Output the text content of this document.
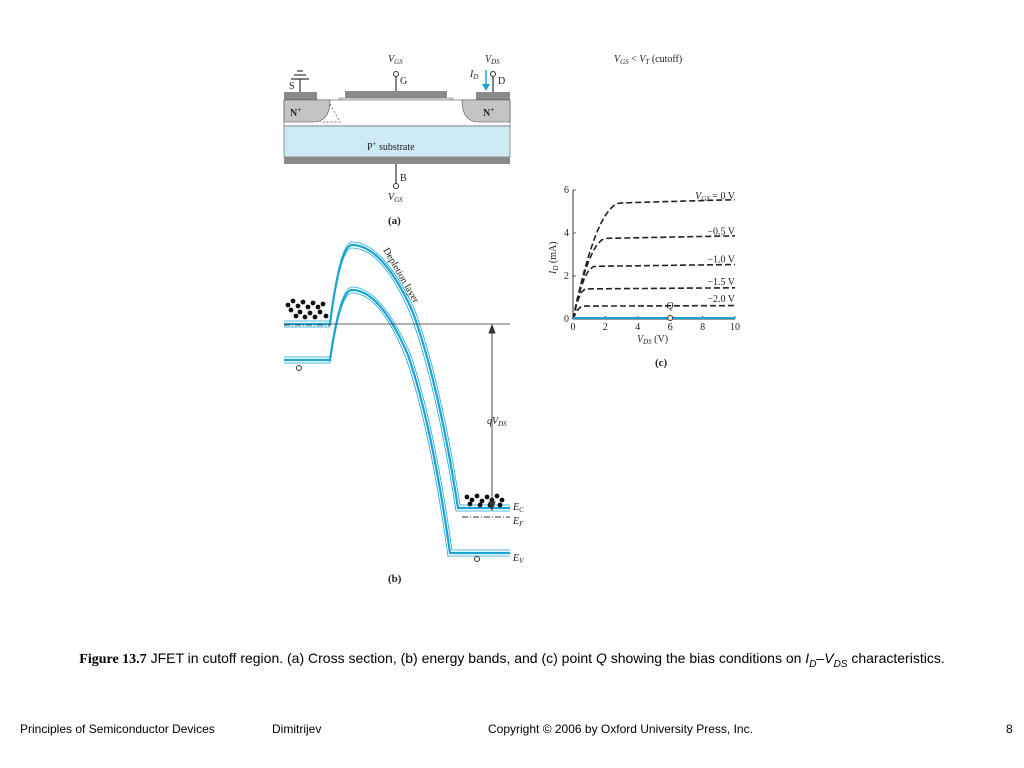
S
$V_{GS}$
G
$V_{DS}$
$I_D$ D
N+	N+
P+ substrate
B
$V_{GS}$
(a)
$V_{GS} < V_T$ (cutoff)
$qV_{DS}$
$E_C$
$E_F$
$E_V$
Depletion layer
(b)
0	2	4	6	8 10
0
2
4
6
$V_{GS} = 0$ V
−0.5 V
−1.0 V
−1.5 V
−2.0 V
Q
$I_D$ (mA)
$V_{DS}$ (V)
(c)
Figure 13.7 JFET in cutoff region. (a) Cross section, (b) energy bands, and (c) point Q showing the bias conditions on $I_D-V_{DS}$ characteristics.
Principles of Semiconductor Devices	Dimitrijev	Copyright © 2006 by Oxford University Press, Inc.	8
